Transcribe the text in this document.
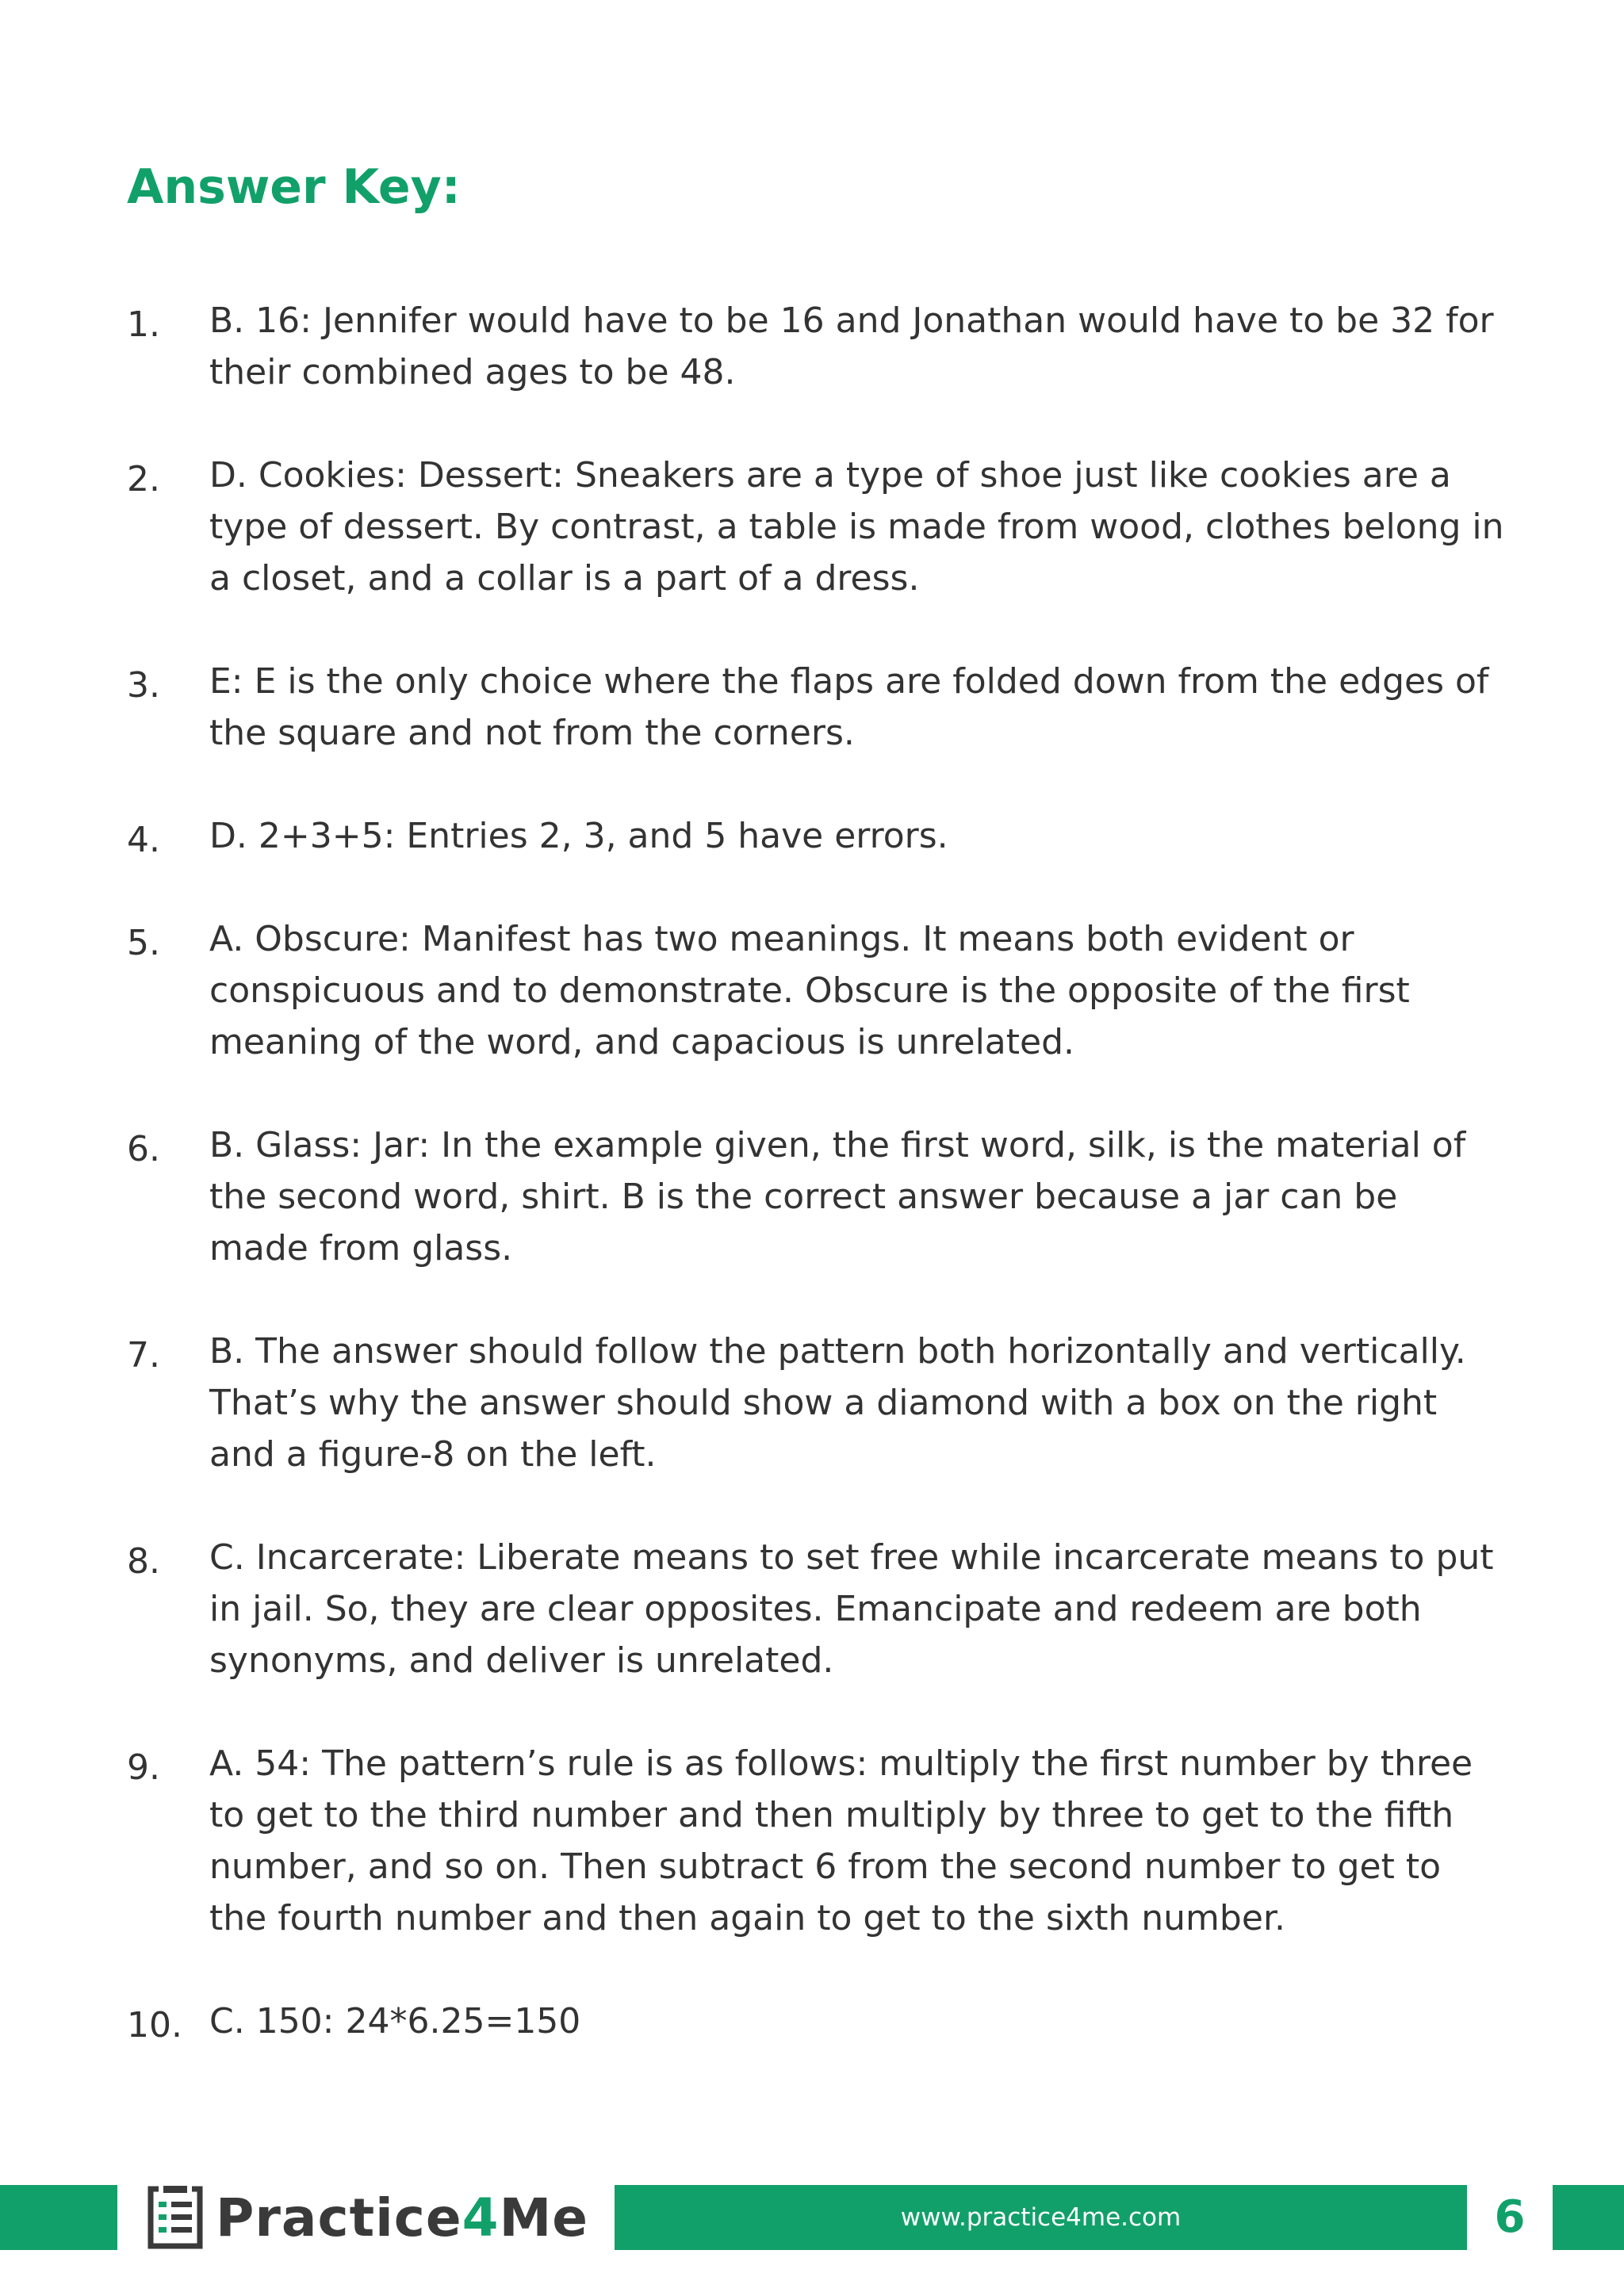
Answer Key:
1. B. 16: Jennifer would have to be 16 and Jonathan would have to be 32 for their combined ages to be 48.
2. D. Cookies: Dessert: Sneakers are a type of shoe just like cookies are a type of dessert. By contrast, a table is made from wood, clothes belong in a closet, and a collar is a part of a dress.
3. E: E is the only choice where the flaps are folded down from the edges of the square and not from the corners.
4. D. 2+3+5: Entries 2, 3, and 5 have errors.
5. A. Obscure: Manifest has two meanings. It means both evident or conspicuous and to demonstrate. Obscure is the opposite of the first meaning of the word, and capacious is unrelated.
6. B. Glass: Jar: In the example given, the first word, silk, is the material of the second word, shirt. B is the correct answer because a jar can be made from glass.
7. B. The answer should follow the pattern both horizontally and vertically. That’s why the answer should show a diamond with a box on the right and a figure-8 on the left.
8. C. Incarcerate: Liberate means to set free while incarcerate means to put in jail. So, they are clear opposites. Emancipate and redeem are both synonyms, and deliver is unrelated.
9. A. 54: The pattern’s rule is as follows: multiply the first number by three to get to the third number and then multiply by three to get to the fifth number, and so on. Then subtract 6 from the second number to get to the fourth number and then again to get to the sixth number.
10. C. 150: 24*6.25=150
Practice4Me	www.practice4me.com	6
